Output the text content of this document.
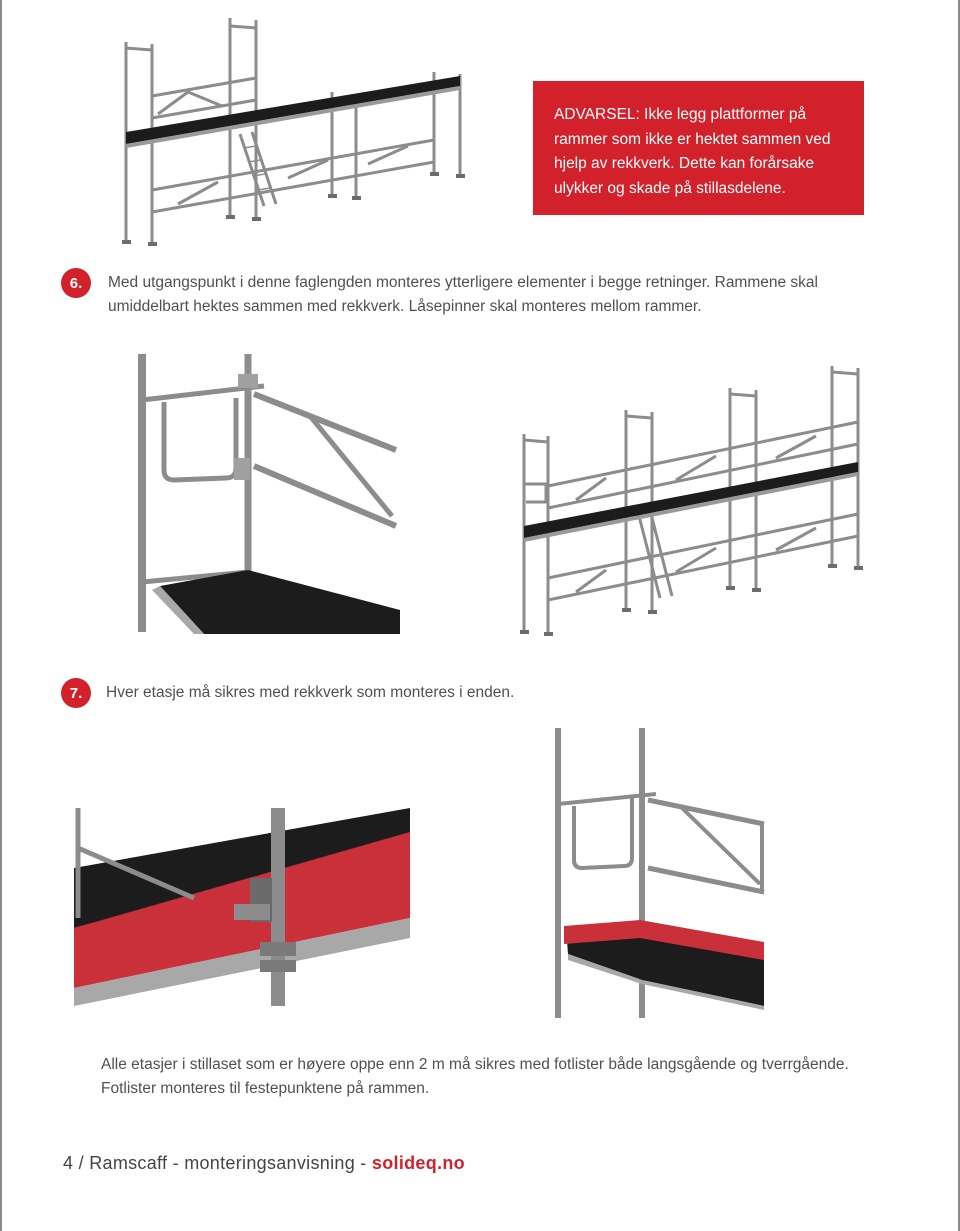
ADVARSEL: Ikke legg plattformer på rammer som ikke er hektet sammen ved hjelp av rekkverk. Dette kan forårsake ulykker og skade på stillasdelene.

6.	Med utgangspunkt i denne faglengden monteres ytterligere elementer i begge retninger. Rammene skal umiddelbart hektes sammen med rekkverk. Låsepinner skal monteres mellom rammer.

7.	Hver etasje må sikres med rekkverk som monteres i enden.

Alle etasjer i stillaset som er høyere oppe enn 2 m må sikres med fotlister både langsgående og tverrgående. Fotlister monteres til festepunktene på rammen.

4 / Ramscaff - monteringsanvisning - solideq.no
